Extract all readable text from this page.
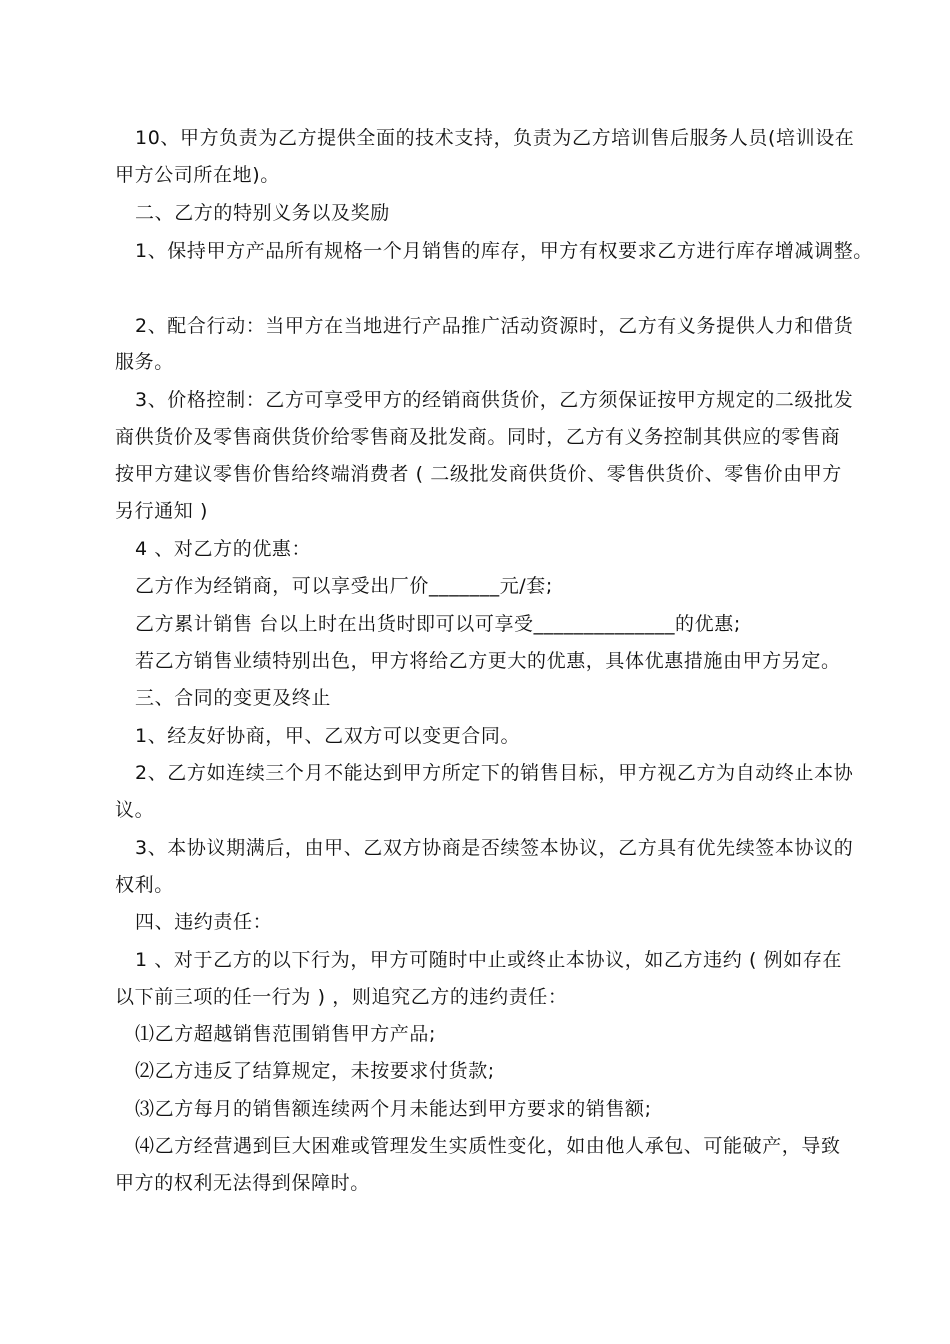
10、甲方负责为乙方提供全面的技术支持，负责为乙方培训售后服务人员(培训设在
甲方公司所在地)。
二、乙方的特别义务以及奖励
1、保持甲方产品所有规格一个月销售的库存，甲方有权要求乙方进行库存增减调整。
2、配合行动：当甲方在当地进行产品推广活动资源时，乙方有义务提供人力和借货
服务。
3、价格控制：乙方可享受甲方的经销商供货价，乙方须保证按甲方规定的二级批发
商供货价及零售商供货价给零售商及批发商。同时，乙方有义务控制其供应的零售商
按甲方建议零售价售给终端消费者 ( 二级批发商供货价、零售供货价、零售价由甲方
另行通知 )
4 、对乙方的优惠：
乙方作为经销商，可以享受出厂价_______元/套;
乙方累计销售 台以上时在出货时即可以可享受______________的优惠;
若乙方销售业绩特别出色，甲方将给乙方更大的优惠，具体优惠措施由甲方另定。
三、合同的变更及终止
1、经友好协商，甲、乙双方可以变更合同。
2、乙方如连续三个月不能达到甲方所定下的销售目标，甲方视乙方为自动终止本协
议。
3、本协议期满后，由甲、乙双方协商是否续签本协议，乙方具有优先续签本协议的
权利。
四、违约责任：
1 、对于乙方的以下行为，甲方可随时中止或终止本协议，如乙方违约 ( 例如存在
以下前三项的任一行为 ) ，则追究乙方的违约责任：
⑴乙方超越销售范围销售甲方产品;
⑵乙方违反了结算规定，未按要求付货款;
⑶乙方每月的销售额连续两个月未能达到甲方要求的销售额;
⑷乙方经营遇到巨大困难或管理发生实质性变化，如由他人承包、可能破产，导致
甲方的权利无法得到保障时。
